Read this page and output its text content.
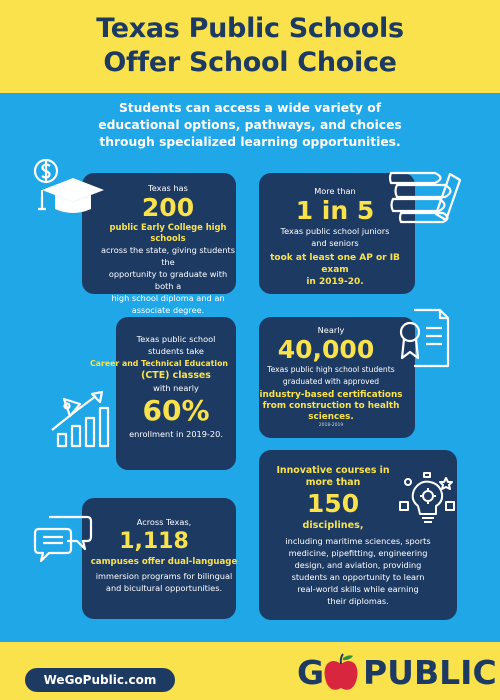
Texas Public Schools
Offer School Choice
Students can access a wide variety of
educational options, pathways, and choices
through specialized learning opportunities.
Texas has
200
public Early College high schools
across the state, giving students the
opportunity to graduate with both a
high school diploma and an
associate degree.
More than
1 in 5
Texas public school juniors
and seniors
took at least one AP or IB exam
in 2019-20.
Texas public school
students take
Career and Technical Education
(CTE) classes
with nearly
60%
enrollment in 2019-20.
Nearly
40,000
Texas public high school students
graduated with approved
industry-based certifications
from construction to health
sciences.
2018-2019
Across Texas,
1,118
campuses offer dual-language
immersion programs for bilingual
and bicultural opportunities.
Innovative courses in
more than
150
disciplines,
including maritime sciences, sports
medicine, pipefitting, engineering
design, and aviation, providing
students an opportunity to learn
real-world skills while earning
their diplomas.
WeGoPublic.com	G PUBLIC
